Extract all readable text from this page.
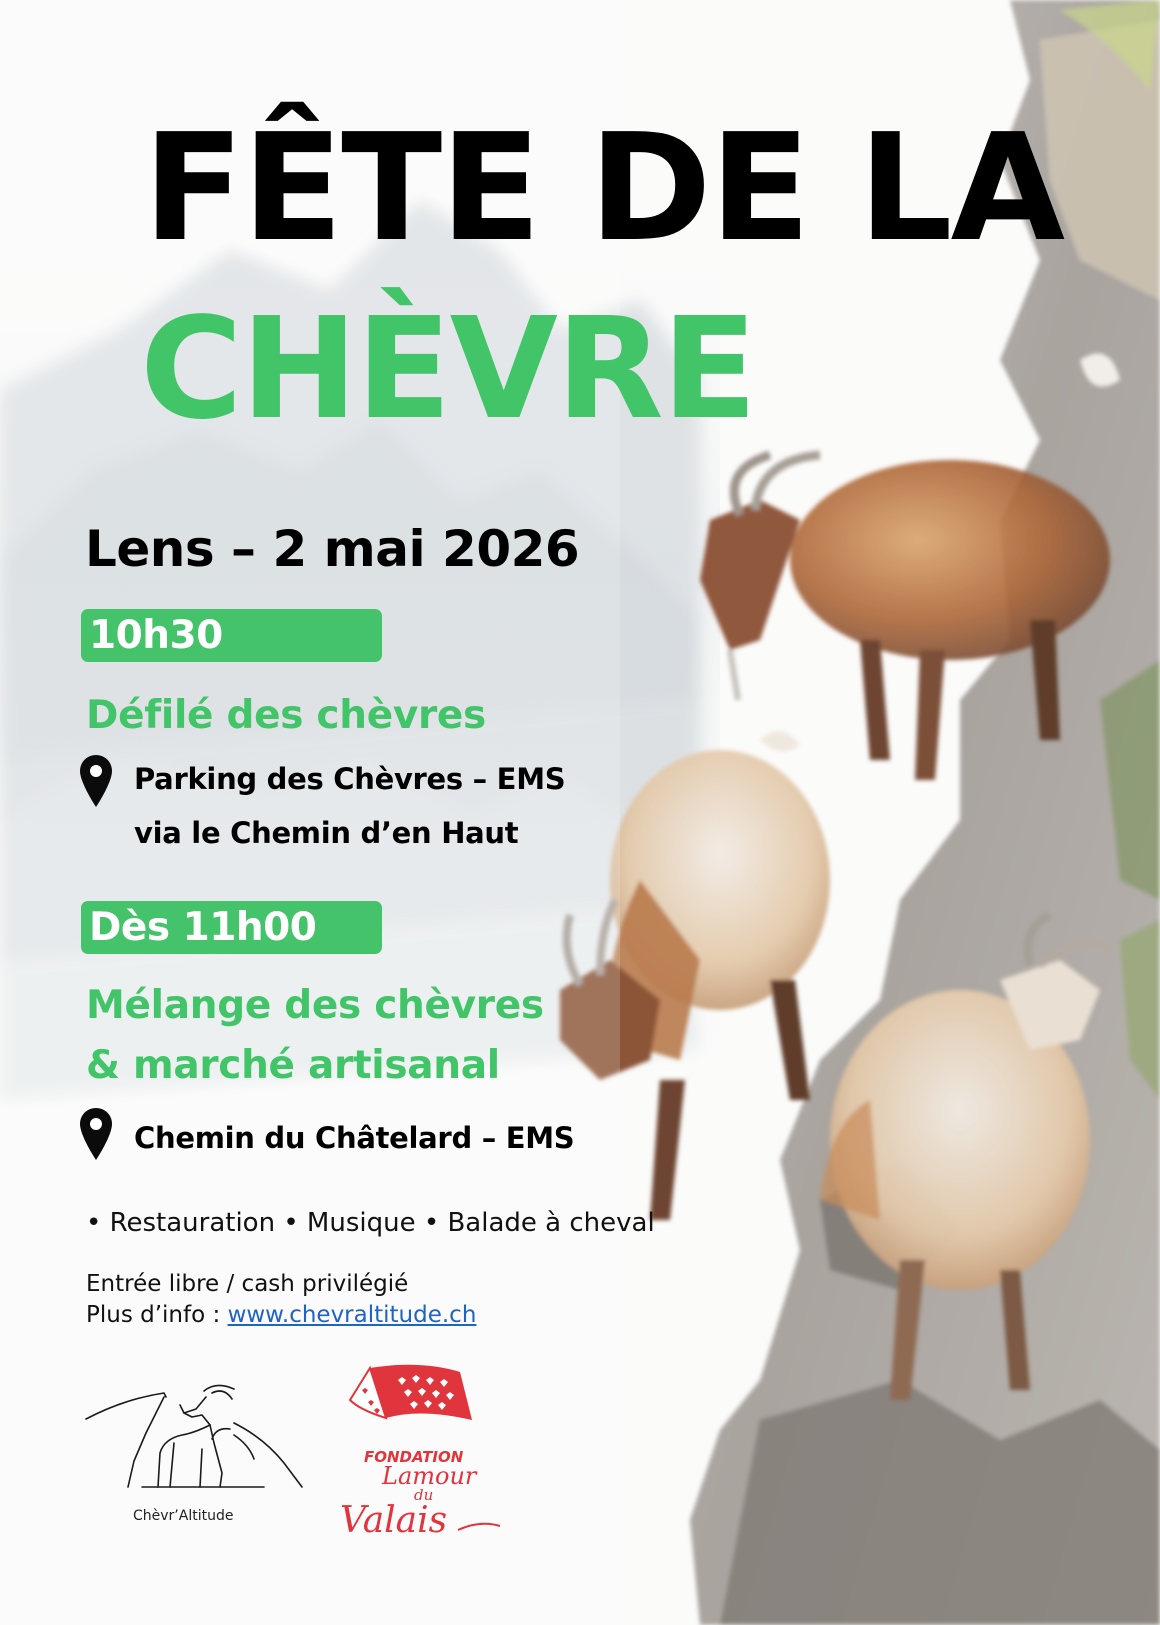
FÊTE DE LA
CHÈVRE
Lens – 2 mai 2026
10h30
Défilé des chèvres
Parking des Chèvres – EMS
via le Chemin d’en Haut
Dès 11h00
Mélange des chèvres
& marché artisanal
Chemin du Châtelard – EMS
• Restauration • Musique • Balade à cheval
Entrée libre / cash privilégié
Plus d’info : www.chevraltitude.ch
Chèvr’Altitude
FONDATION
Lamour
du
Valais
